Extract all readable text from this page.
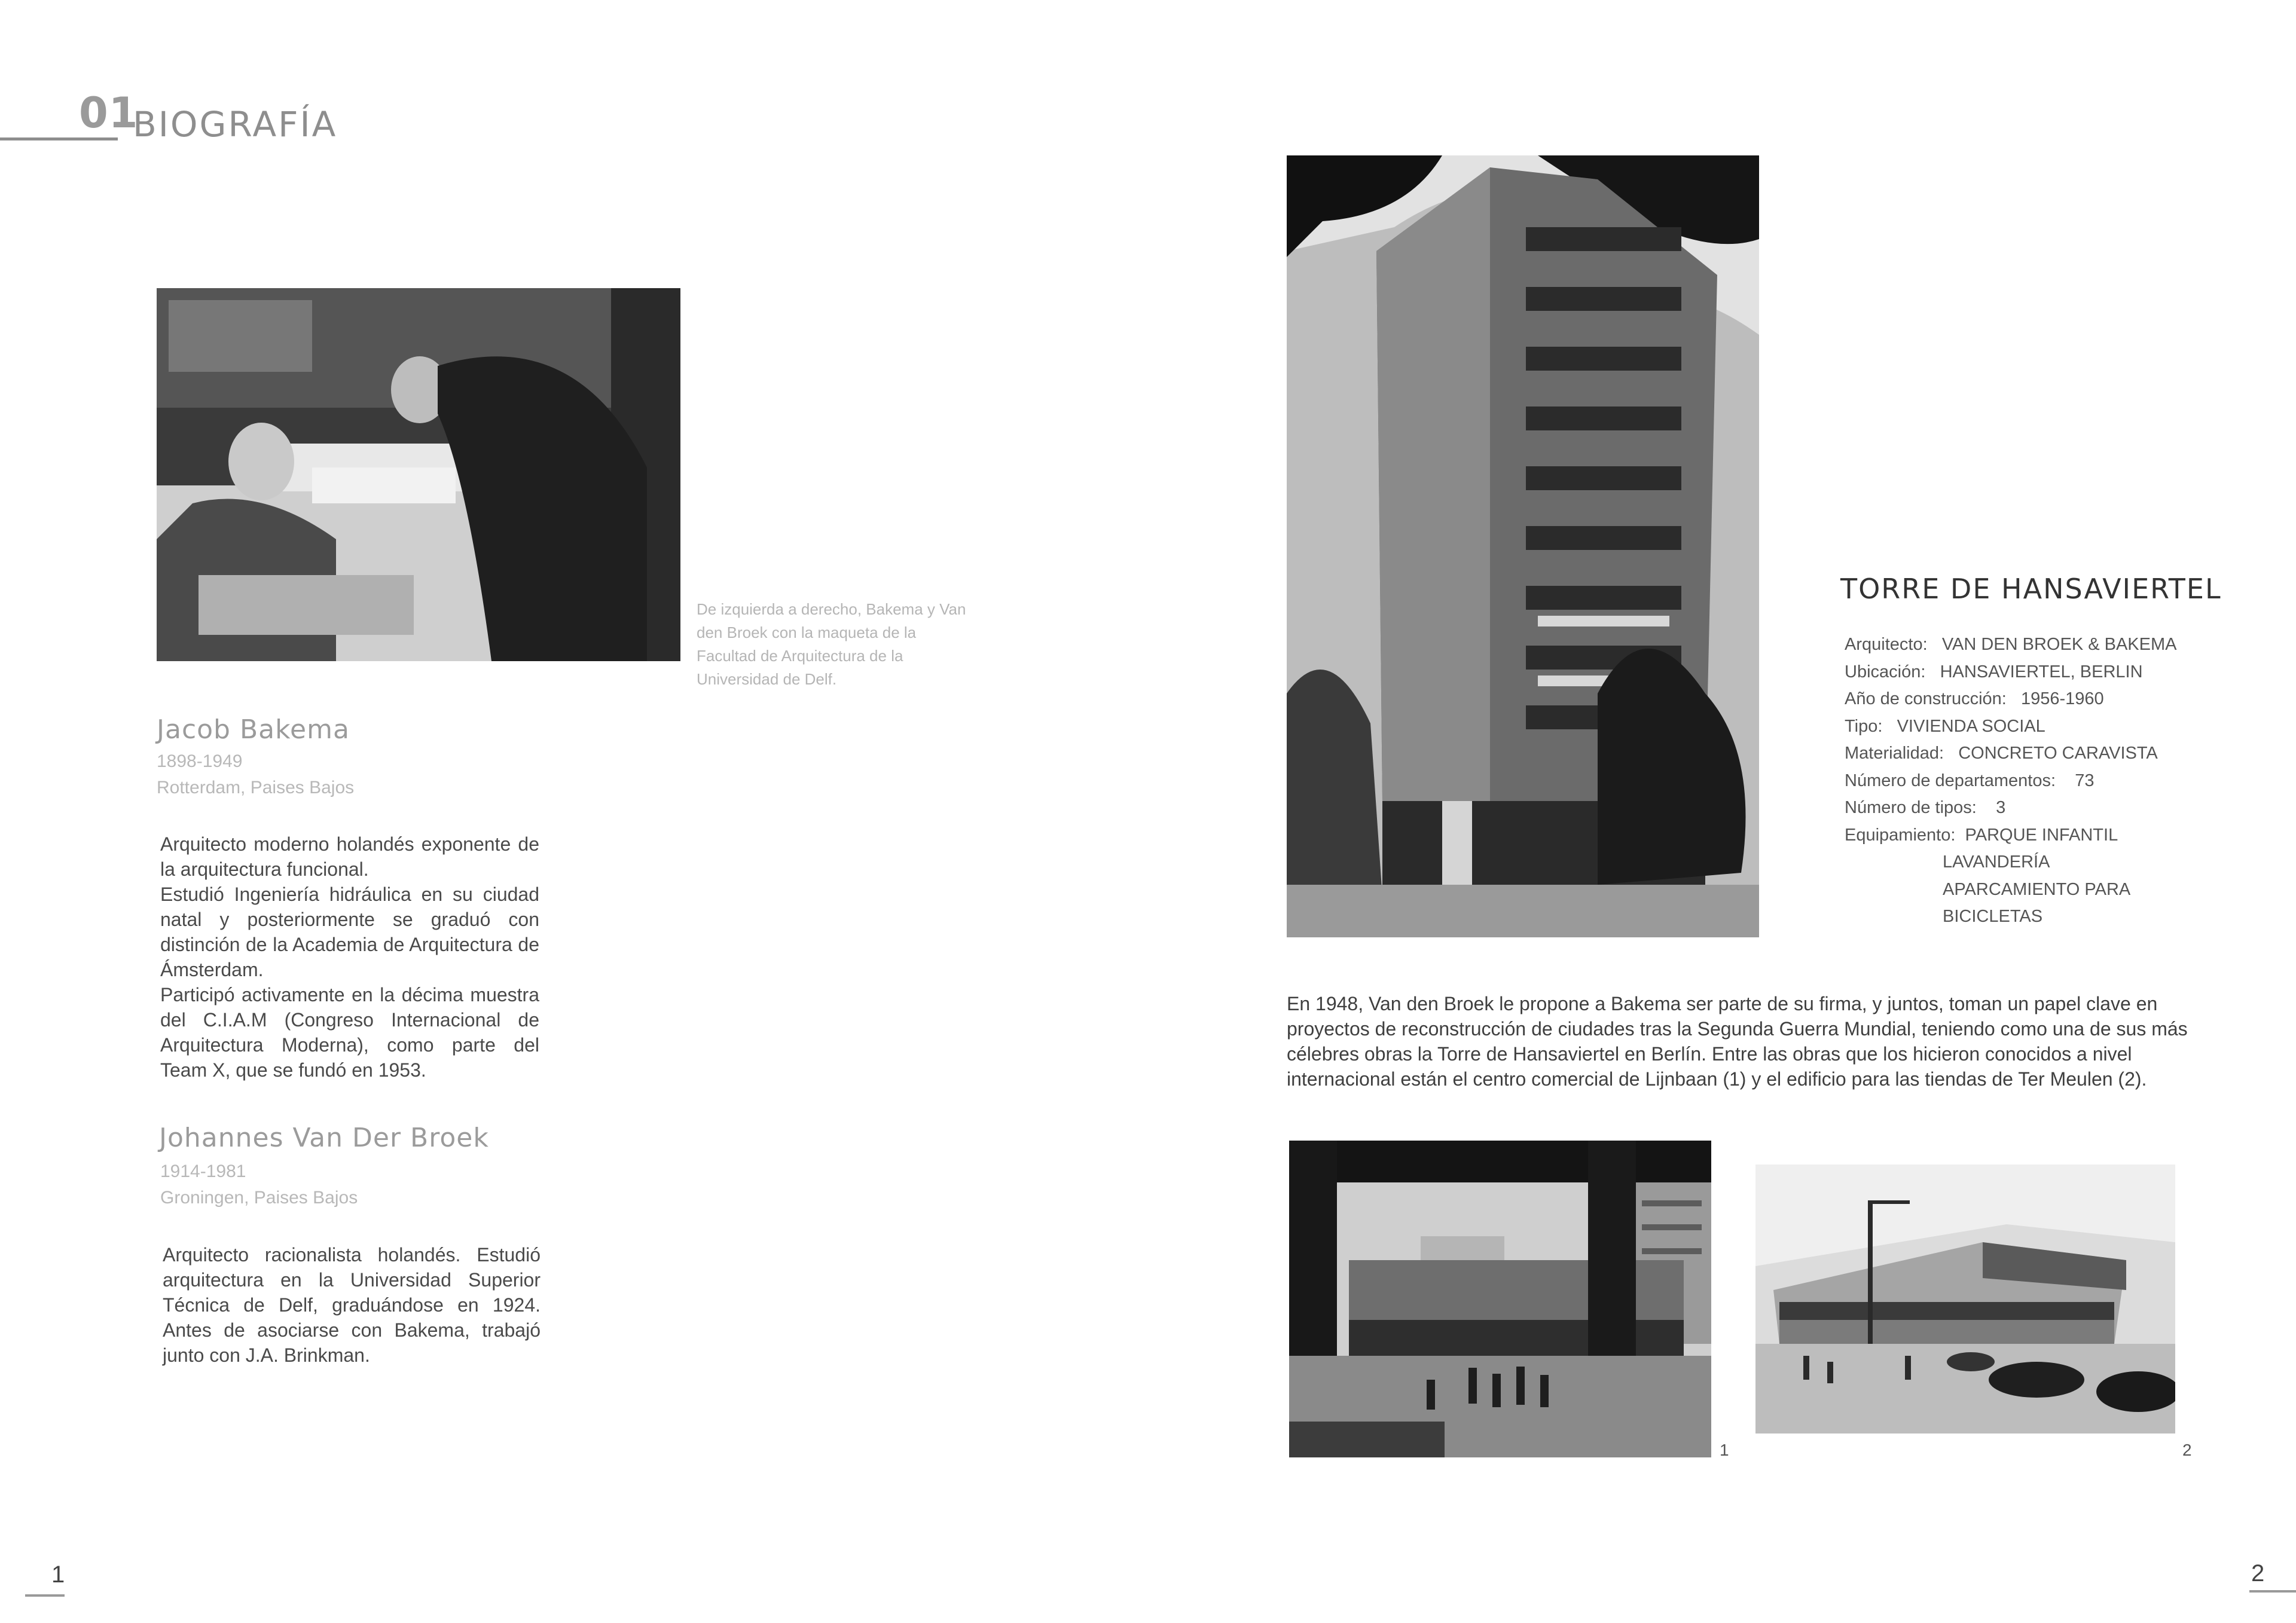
01
BIOGRAFÍA
De izquierda a derecho, Bakema y Van den Broek con la maqueta de la Facultad de Arquitectura de la Universidad de Delf.
Jacob Bakema
1898-1949
Rotterdam, Paises Bajos

Arquitecto moderno holandés exponente de la arquitectura funcional.

Estudió Ingeniería hidráulica en su ciudad natal y posteriormente se graduó con distinción de la Academia de Arquitectura de Ámsterdam.

Participó activamente en la décima muestra del C.I.A.M (Congreso Internacional de Arquitectura Moderna), como parte del Team X, que se fundó en 1953.

Johannes Van Der Broek
1914-1981
Groningen, Paises Bajos

Arquitecto racionalista holandés. Estudió arquitectura en la Universidad Superior Técnica de Delf, graduándose en 1924. Antes de asociarse con Bakema, trabajó junto con J.A. Brinkman.

TORRE DE HANSAVIERTEL
Arquitecto: VAN DEN BROEK & BAKEMA
Ubicación: HANSAVIERTEL, BERLIN
Año de construcción: 1956-1960
Tipo: VIVIENDA SOCIAL
Materialidad: CONCRETO CARAVISTA
Número de departamentos: 73
Número de tipos: 3
Equipamiento: PARQUE INFANTIL
LAVANDERÍA
APARCAMIENTO PARA
BICICLETAS
En 1948, Van den Broek le propone a Bakema ser parte de su firma, y juntos, toman un papel clave en proyectos de reconstrucción de ciudades tras la Segunda Guerra Mundial, teniendo como una de sus más célebres obras la Torre de Hansaviertel en Berlín. Entre las obras que los hicieron conocidos a nivel internacional están el centro comercial de Lijnbaan (1) y el edificio para las tiendas de Ter Meulen (2).
1	2
1	2
